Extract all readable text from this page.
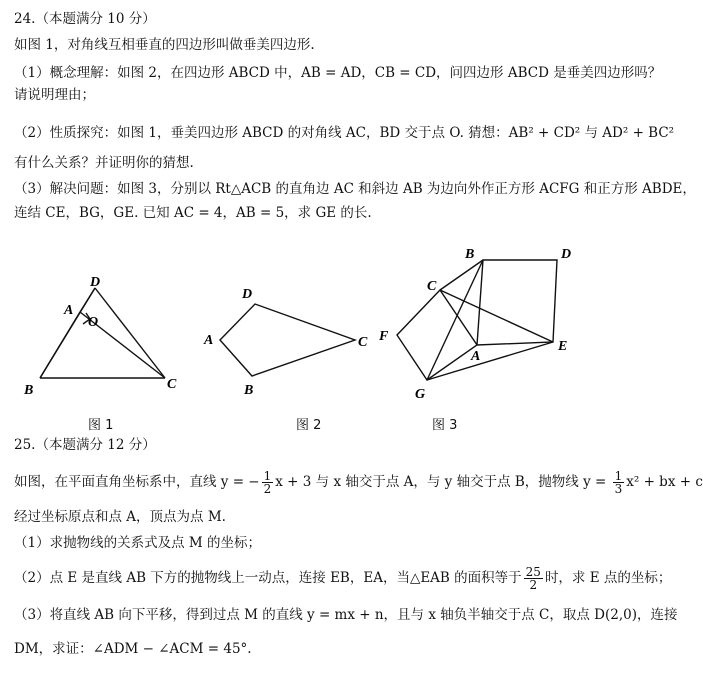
24.（本题满分 10 分）
如图 1，对角线互相垂直的四边形叫做垂美四边形.
（1）概念理解：如图 2，在四边形 ABCD 中，AB = AD，CB = CD，问四边形 ABCD 是垂美四边形吗？
请说明理由；
（2）性质探究：如图 1，垂美四边形 ABCD 的对角线 AC，BD 交于点 O. 猜想：AB² + CD² 与 AD² + BC²
有什么关系？并证明你的猜想.
（3）解决问题：如图 3，分别以 Rt△ACB 的直角边 AC 和斜边 AB 为边向外作正方形 ACFG 和正方形 ABDE，
连结 CE，BG，GE. 已知 AC = 4，AB = 5，求 GE 的长.
B	C
A
D
O
图 1
A
D
C
B
图 2
B	D
C
F
A
E
G
图 3
25.（本题满分 12 分）
如图，在平面直角坐标系中，直线 y = − $\frac{1}{2}$ x + 3 与 x 轴交于点 A，与 y 轴交于点 B，抛物线 $y = \frac{1}{3} x^2$ + bx + c
经过坐标原点和点 A，顶点为点 M.
（1）求抛物线的关系式及点 M 的坐标；
（2）点 E 是直线 AB 下方的抛物线上一动点，连接 EB，EA，当△EAB 的面积等于 $\frac{25}{2}$ 时，求 E 点的坐标；
（3）将直线 AB 向下平移，得到过点 M 的直线 y = mx + n，且与 x 轴负半轴交于点 C，取点 D(2,0)，连接
DM，求证：∠ADM − ∠ACM = 45°.
